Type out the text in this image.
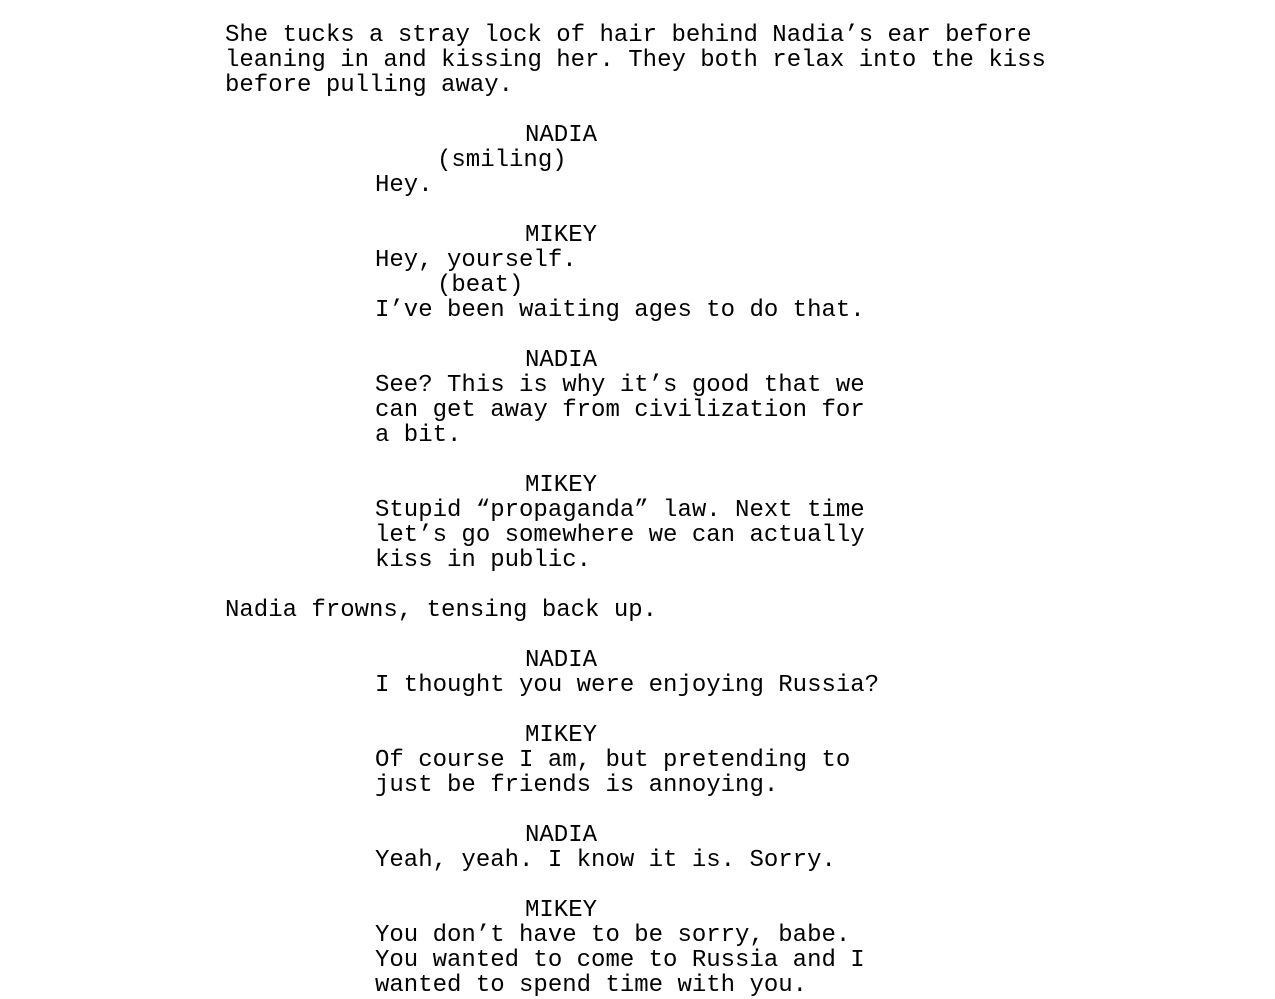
She tucks a stray lock of hair behind Nadia’s ear before
leaning in and kissing her. They both relax into the kiss
before pulling away.
NADIA
(smiling)
Hey.
MIKEY
Hey, yourself.
(beat)
I’ve been waiting ages to do that.
NADIA
See? This is why it’s good that we
can get away from civilization for
a bit.
MIKEY
Stupid “propaganda” law. Next time
let’s go somewhere we can actually
kiss in public.
Nadia frowns, tensing back up.
NADIA
I thought you were enjoying Russia?
MIKEY
Of course I am, but pretending to
just be friends is annoying.
NADIA
Yeah, yeah. I know it is. Sorry.
MIKEY
You don’t have to be sorry, babe.
You wanted to come to Russia and I
wanted to spend time with you.
